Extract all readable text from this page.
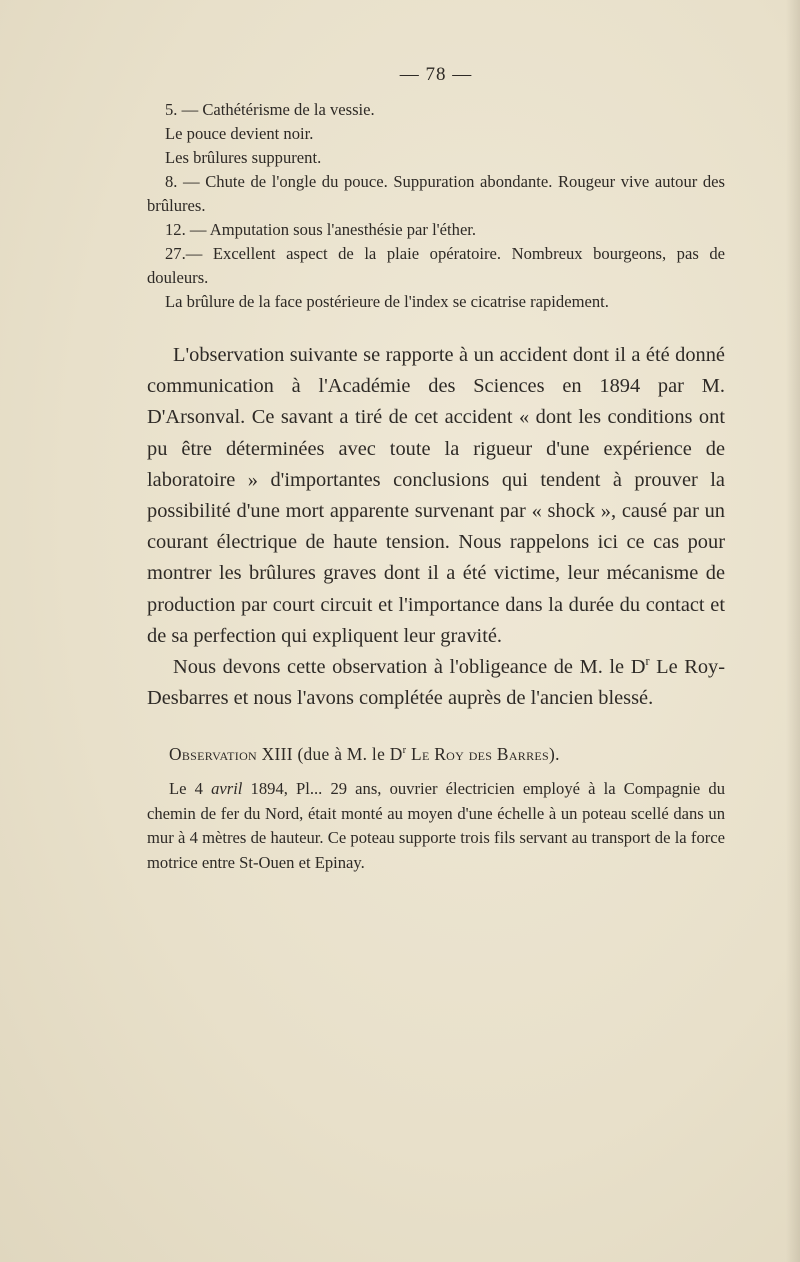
— 78 —

5. — Cathétérisme de la vessie.

Le pouce devient noir.

Les brûlures suppurent.

8. — Chute de l'ongle du pouce. Suppuration abondante. Rougeur vive autour des brûlures.

12. — Amputation sous l'anesthésie par l'éther.

27.— Excellent aspect de la plaie opératoire. Nombreux bourgeons, pas de douleurs.

La brûlure de la face postérieure de l'index se cicatrise rapidement.

L'observation suivante se rapporte à un accident dont il a été donné communication à l'Académie des Sciences en 1894 par M. D'Arsonval. Ce savant a tiré de cet accident « dont les conditions ont pu être déterminées avec toute la rigueur d'une expérience de laboratoire » d'importantes conclusions qui tendent à prouver la possibilité d'une mort apparente survenant par « shock », causé par un courant électrique de haute tension. Nous rappelons ici ce cas pour montrer les brûlures graves dont il a été victime, leur mécanisme de production par court circuit et l'importance dans la durée du contact et de sa perfection qui expliquent leur gravité.

Nous devons cette observation à l'obligeance de M. le $D^r$ Le Roy-Desbarres et nous l'avons complétée auprès de l'ancien blessé.

Observation XIII (due à M. le $D^r$ Le Roy des Barres).

Le 4 avril 1894, Pl... 29 ans, ouvrier électricien employé à la Compagnie du chemin de fer du Nord, était monté au moyen d'une échelle à un poteau scellé dans un mur à 4 mètres de hauteur. Ce poteau supporte trois fils servant au transport de la force motrice entre St-Ouen et Epinay.
